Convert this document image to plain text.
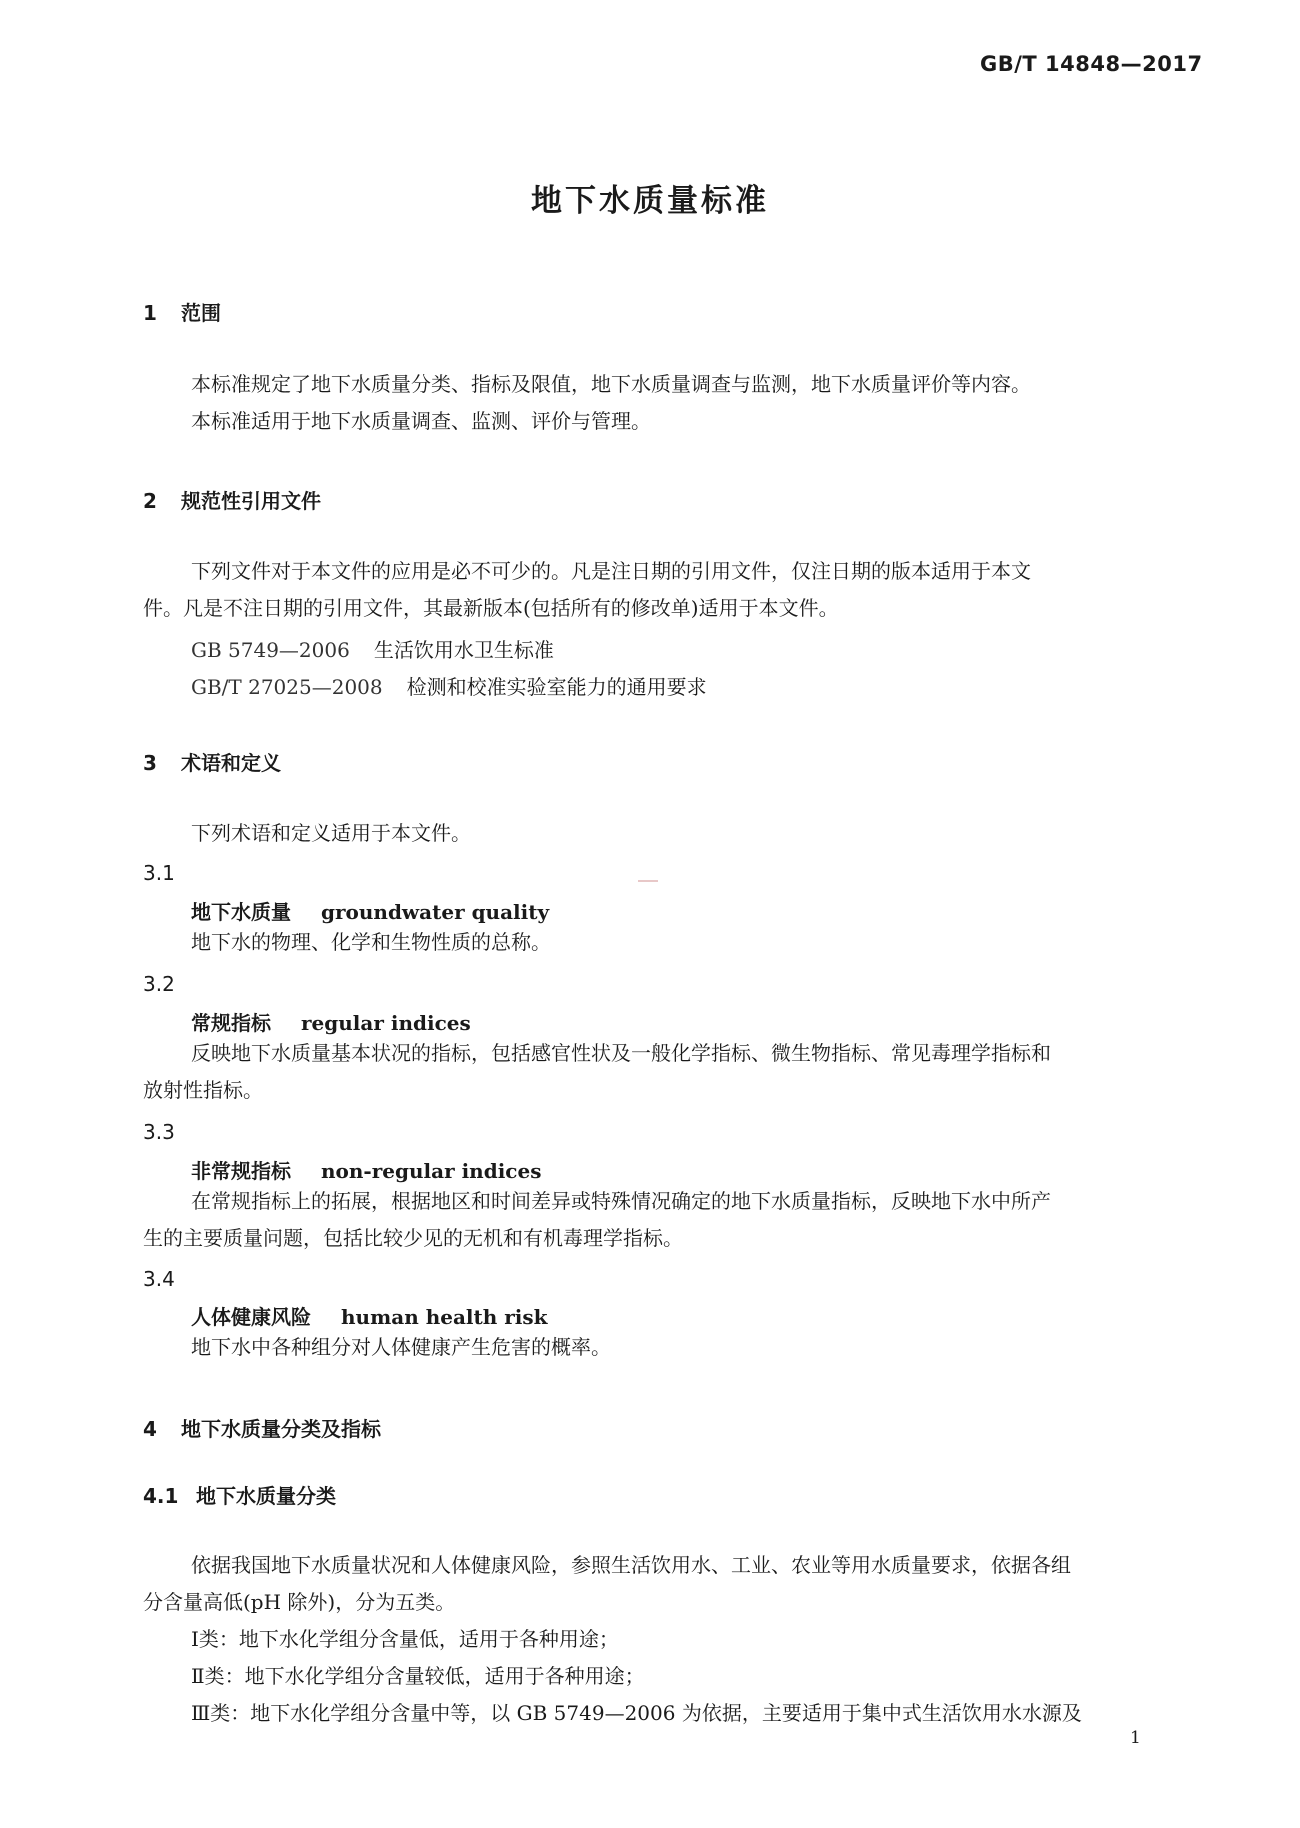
GB/T 14848—2017
地下水质量标准
1 范围
本标准规定了地下水质量分类、指标及限值，地下水质量调查与监测，地下水质量评价等内容。
本标准适用于地下水质量调查、监测、评价与管理。
2 规范性引用文件
下列文件对于本文件的应用是必不可少的。凡是注日期的引用文件，仅注日期的版本适用于本文
件。凡是不注日期的引用文件，其最新版本(包括所有的修改单)适用于本文件。
GB 5749—2006 生活饮用水卫生标准
GB/T 27025—2008 检测和校准实验室能力的通用要求
3 术语和定义
下列术语和定义适用于本文件。
3.1
地下水质量 groundwater quality
地下水的物理、化学和生物性质的总称。
3.2
常规指标 regular indices
反映地下水质量基本状况的指标，包括感官性状及一般化学指标、微生物指标、常见毒理学指标和
放射性指标。
3.3
非常规指标 non-regular indices
在常规指标上的拓展，根据地区和时间差异或特殊情况确定的地下水质量指标，反映地下水中所产
生的主要质量问题，包括比较少见的无机和有机毒理学指标。
3.4
人体健康风险 human health risk
地下水中各种组分对人体健康产生危害的概率。
4 地下水质量分类及指标
4.1 地下水质量分类
依据我国地下水质量状况和人体健康风险，参照生活饮用水、工业、农业等用水质量要求，依据各组
分含量高低(pH 除外)，分为五类。
Ⅰ类：地下水化学组分含量低，适用于各种用途；
Ⅱ类：地下水化学组分含量较低，适用于各种用途；
Ⅲ类：地下水化学组分含量中等，以 GB 5749—2006 为依据，主要适用于集中式生活饮用水水源及
1
